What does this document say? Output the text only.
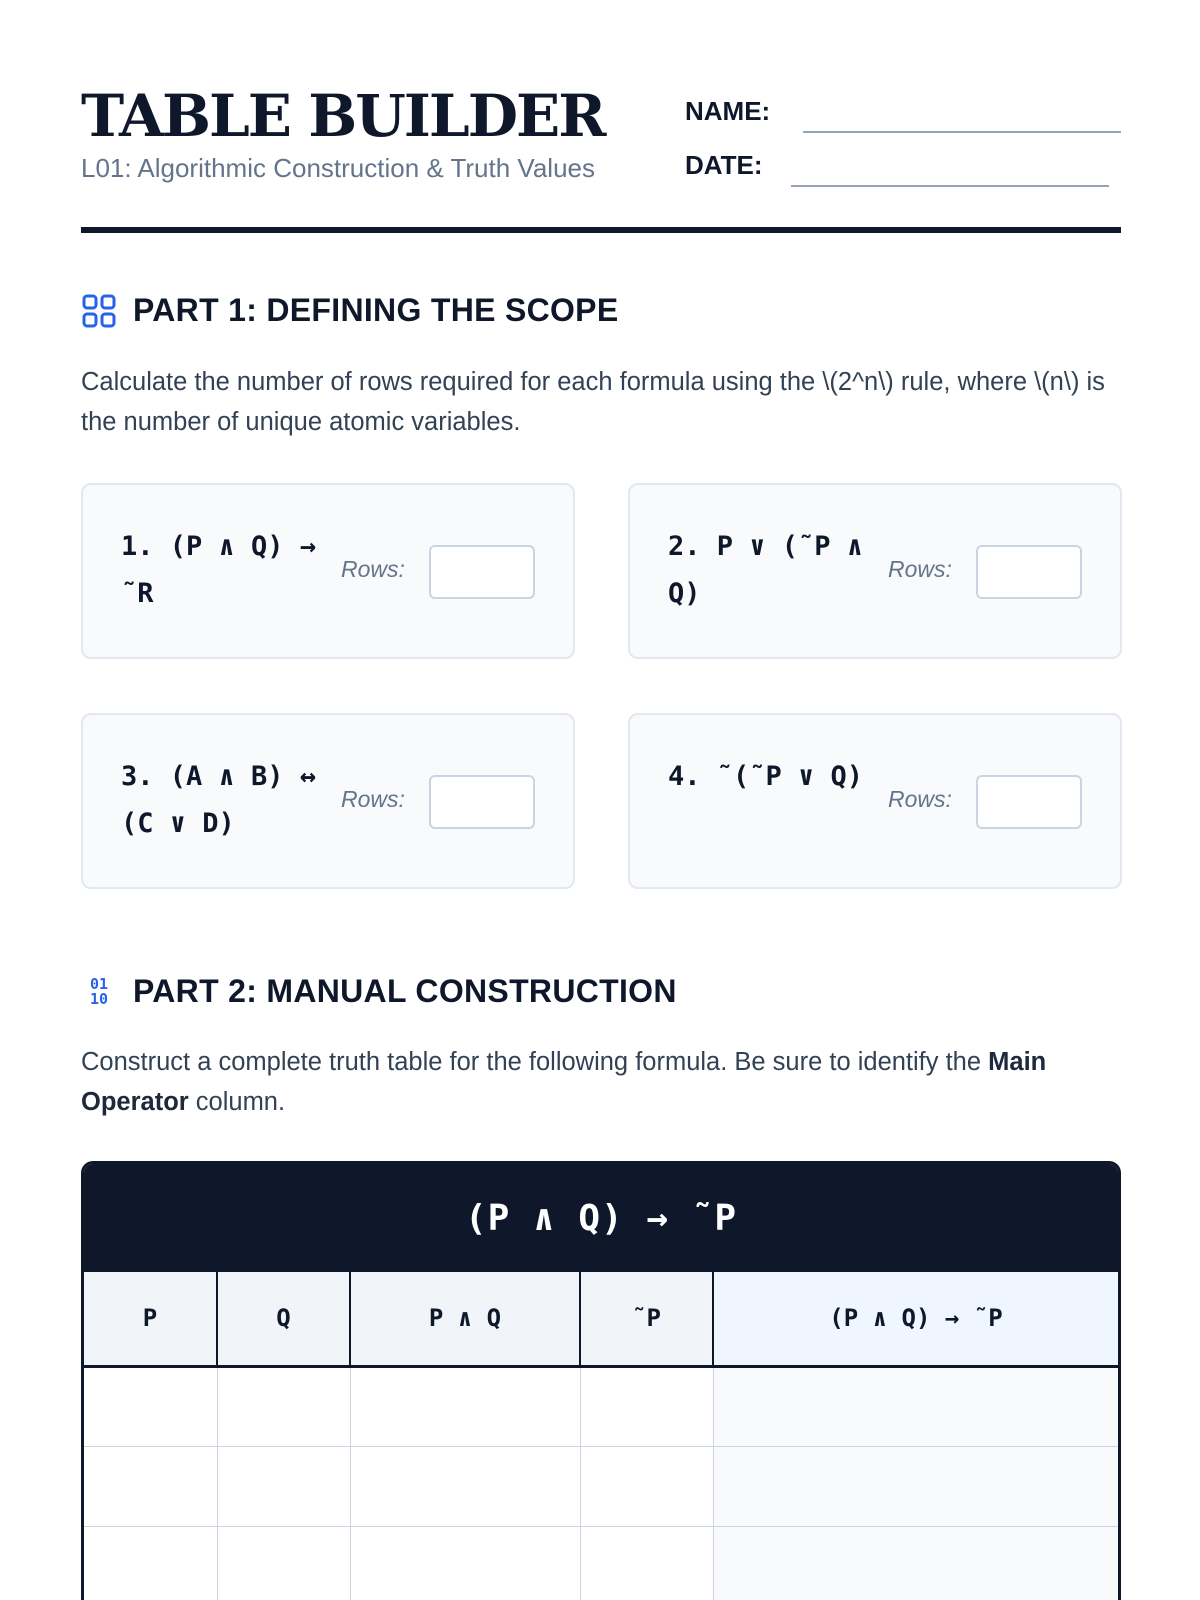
TABLE BUILDER
L01: Algorithmic Construction & Truth Values
NAME:
DATE:
PART 1: DEFINING THE SCOPE

Calculate the number of rows required for each formula using the \(2^n\) rule, where \(n\) is the number of unique atomic variables.

1. (P ∧ Q) → ˜R
Rows:
2. P ∨ (˜P ∧ Q)
Rows:
3. (A ∧ B) ↔ (C ∨ D)
Rows:
4. ˜(˜P ∨ Q)
Rows:
01
10 PART 2: MANUAL CONSTRUCTION

Construct a complete truth table for the following formula. Be sure to identify the Main Operator column.

(P ∧ Q) → ˜P
P	Q	P ∧ Q	˜P	(P ∧ Q) → ˜P
